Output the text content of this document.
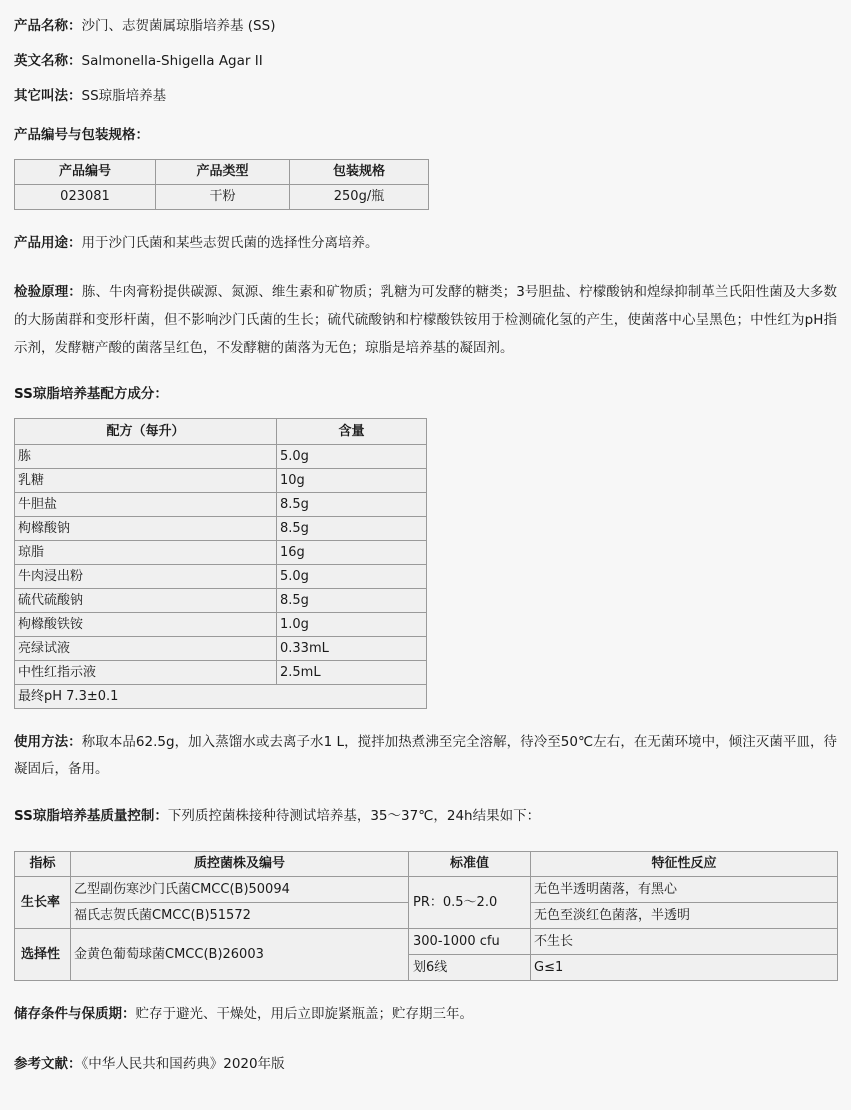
产品名称：沙门、志贺菌属琼脂培养基 (SS)

英文名称：Salmonella-Shigella Agar II

其它叫法：SS琼脂培养基

产品编号与包装规格：

产品编号	产品类型	包装规格
023081	干粉	250g/瓶

产品用途：用于沙门氏菌和某些志贺氏菌的选择性分离培养。

检验原理：胨、牛肉膏粉提供碳源、氮源、维生素和矿物质；乳糖为可发酵的糖类；3号胆盐、柠檬酸钠和煌绿抑制革兰氏阳性菌及大多数的大肠菌群和变形杆菌，但不影响沙门氏菌的生长；硫代硫酸钠和柠檬酸铁铵用于检测硫化氢的产生，使菌落中心呈黑色；中性红为pH指示剂，发酵糖产酸的菌落呈红色，不发酵糖的菌落为无色；琼脂是培养基的凝固剂。

SS琼脂培养基配方成分：

配方（每升）	含量
胨	5.0g
乳糖	10g
牛胆盐	8.5g
枸橼酸钠	8.5g
琼脂	16g
牛肉浸出粉	5.0g
硫代硫酸钠	8.5g
枸橼酸铁铵	1.0g
亮绿试液	0.33mL
中性红指示液	2.5mL
最终pH 7.3±0.1	

使用方法：称取本品62.5g，加入蒸馏水或去离子水1 L，搅拌加热煮沸至完全溶解，待冷至50℃左右，在无菌环境中，倾注灭菌平皿，待凝固后，备用。

SS琼脂培养基质量控制：下列质控菌株接种待测试培养基，35～37℃，24h结果如下：

指标	质控菌株及编号	标准值	特征性反应
生长率	乙型副伤寒沙门氏菌CMCC(B)50094	PR：0.5～2.0	无色半透明菌落，有黑心
	福氏志贺氏菌CMCC(B)51572		无色至淡红色菌落，半透明
选择性	金黄色葡萄球菌CMCC(B)26003	300-1000 cfu	不生长
		划6线	G≤1

储存条件与保质期：贮存于避光、干燥处，用后立即旋紧瓶盖；贮存期三年。

参考文献：《中华人民共和国药典》2020年版
